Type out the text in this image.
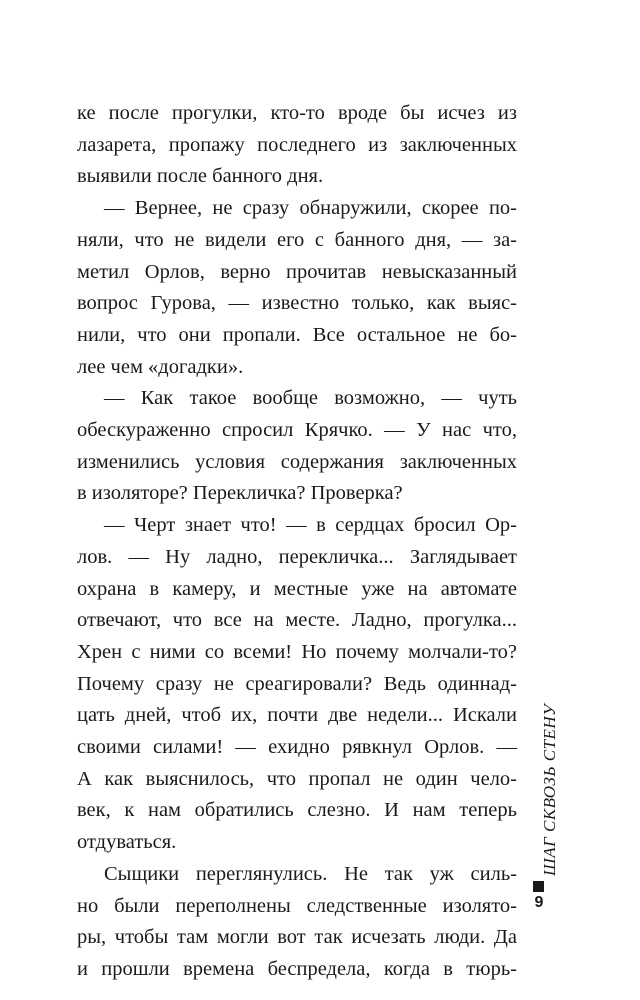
ке после прогулки, кто-то вроде бы исчез из
лазарета, пропажу последнего из заключенных
выявили после банного дня.
— Вернее, не сразу обнаружили, скорее по-
няли, что не видели его с банного дня, — за-
метил Орлов, верно прочитав невысказанный
вопрос Гурова, — известно только, как выяс-
нили, что они пропали. Все остальное не бо-
лее чем «догадки».
— Как такое вообще возможно, — чуть
обескураженно спросил Крячко. — У нас что,
изменились условия содержания заключенных
в изоляторе? Перекличка? Проверка?
— Черт знает что! — в сердцах бросил Ор-
лов. — Ну ладно, перекличка... Заглядывает
охрана в камеру, и местные уже на автомате
отвечают, что все на месте. Ладно, прогулка...
Хрен с ними со всеми! Но почему молчали-то?
Почему сразу не среагировали? Ведь одиннад-
цать дней, чтоб их, почти две недели... Искали
своими силами! — ехидно рявкнул Орлов. —
А как выяснилось, что пропал не один чело-
век, к нам обратились слезно. И нам теперь
отдуваться.
Сыщики переглянулись. Не так уж силь-
но были переполнены следственные изолято-
ры, чтобы там могли вот так исчезать люди. Да
и прошли времена беспредела, когда в тюрь-
ШАГ СКВОЗЬ СТЕНУ
9
